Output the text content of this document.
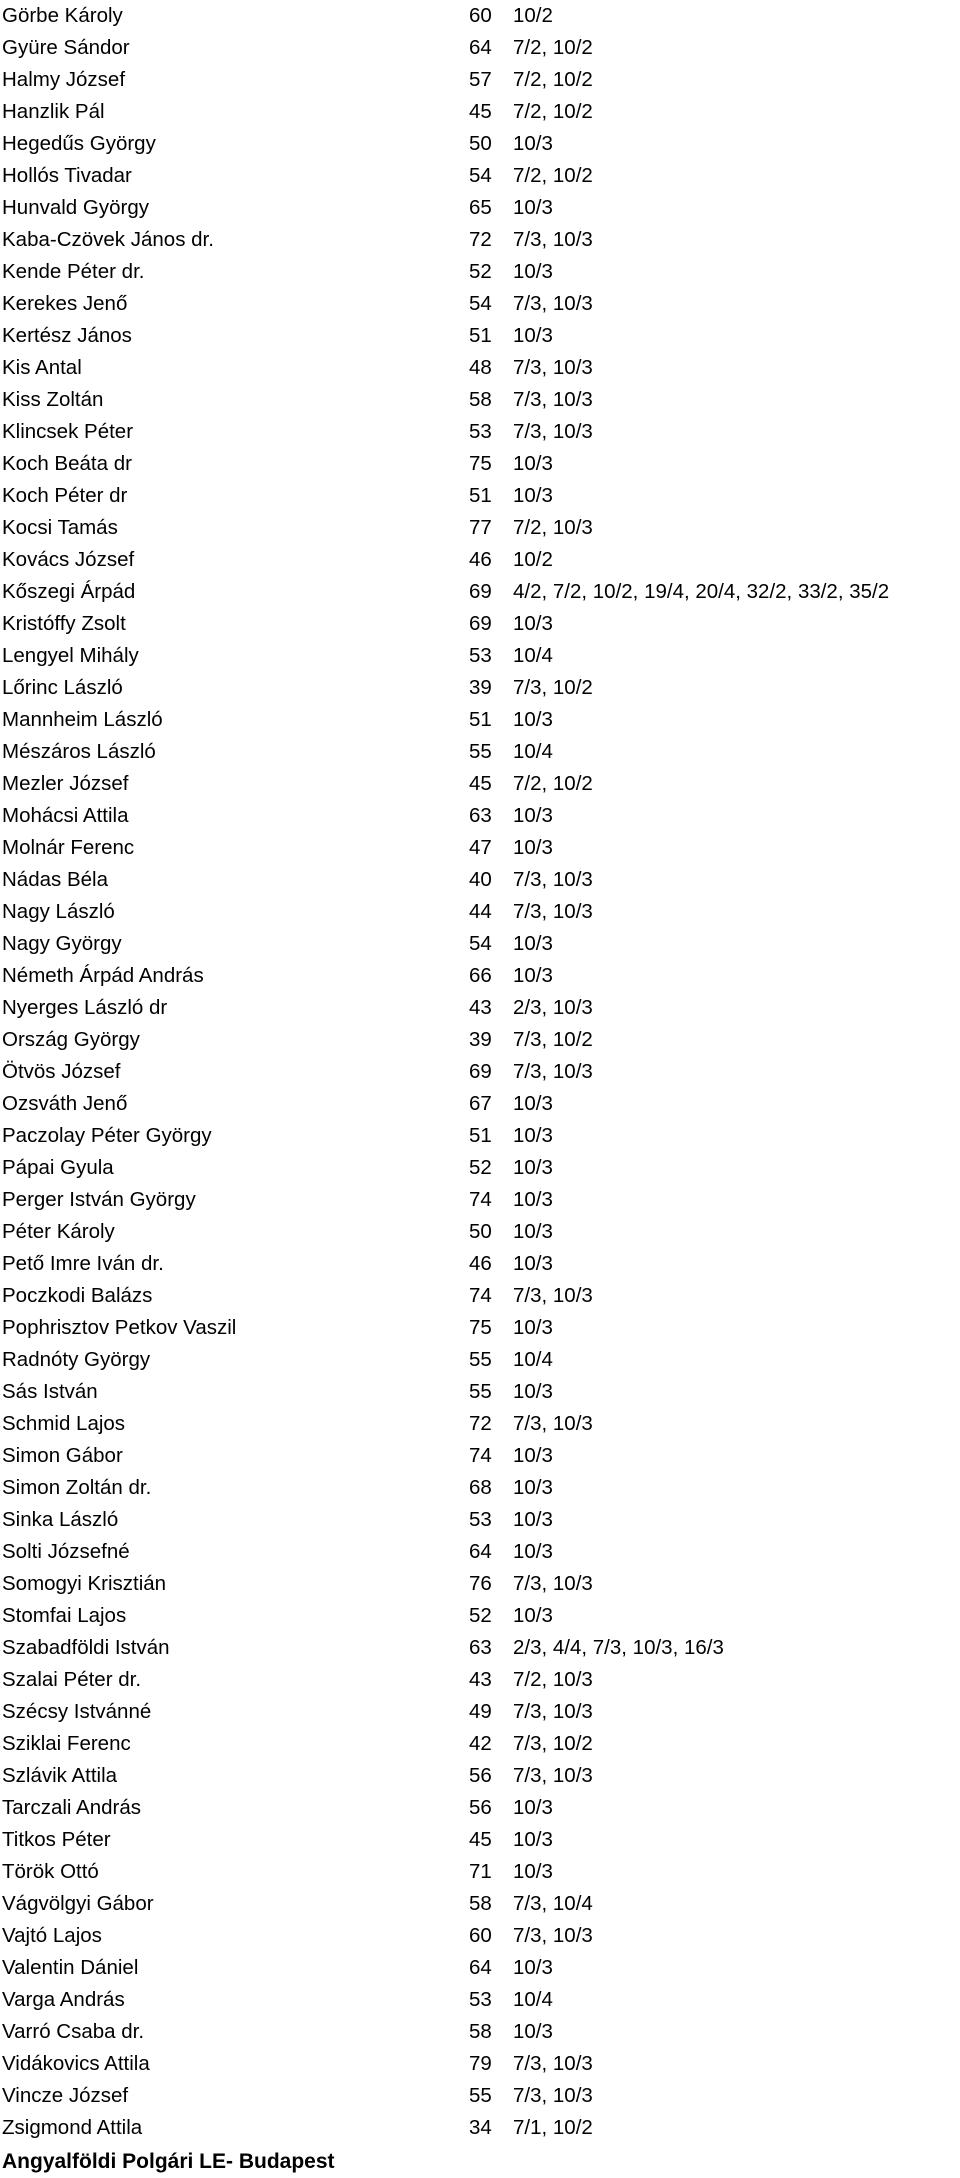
Görbe Károly	60 10/2
Gyüre Sándor	64 7/2, 10/2
Halmy József	57 7/2, 10/2
Hanzlik Pál	45 7/2, 10/2
Hegedűs György	50 10/3
Hollós Tivadar	54 7/2, 10/2
Hunvald György	65 10/3
Kaba-Czövek János dr.	72 7/3, 10/3
Kende Péter dr.	52 10/3
Kerekes Jenő	54 7/3, 10/3
Kertész János	51 10/3
Kis Antal	48 7/3, 10/3
Kiss Zoltán	58 7/3, 10/3
Klincsek Péter	53 7/3, 10/3
Koch Beáta dr	75 10/3
Koch Péter dr	51 10/3
Kocsi Tamás	77 7/2, 10/3
Kovács József	46 10/2
Kőszegi Árpád	69 4/2, 7/2, 10/2, 19/4, 20/4, 32/2, 33/2, 35/2
Kristóffy Zsolt	69 10/3
Lengyel Mihály	53 10/4
Lőrinc László	39 7/3, 10/2
Mannheim László	51 10/3
Mészáros László	55 10/4
Mezler József	45 7/2, 10/2
Mohácsi Attila	63 10/3
Molnár Ferenc	47 10/3
Nádas Béla	40 7/3, 10/3
Nagy László	44 7/3, 10/3
Nagy György	54 10/3
Németh Árpád András	66 10/3
Nyerges László dr	43 2/3, 10/3
Ország György	39 7/3, 10/2
Ötvös József	69 7/3, 10/3
Ozsváth Jenő	67 10/3
Paczolay Péter György	51 10/3
Pápai Gyula	52 10/3
Perger István György	74 10/3
Péter Károly	50 10/3
Pető Imre Iván dr.	46 10/3
Poczkodi Balázs	74 7/3, 10/3
Pophrisztov Petkov Vaszil	75 10/3
Radnóty György	55 10/4
Sás István	55 10/3
Schmid Lajos	72 7/3, 10/3
Simon Gábor	74 10/3
Simon Zoltán dr.	68 10/3
Sinka László	53 10/3
Solti Józsefné	64 10/3
Somogyi Krisztián	76 7/3, 10/3
Stomfai Lajos	52 10/3
Szabadföldi István	63 2/3, 4/4, 7/3, 10/3, 16/3
Szalai Péter dr.	43 7/2, 10/3
Szécsy Istvánné	49 7/3, 10/3
Sziklai Ferenc	42 7/3, 10/2
Szlávik Attila	56 7/3, 10/3
Tarczali András	56 10/3
Titkos Péter	45 10/3
Török Ottó	71 10/3
Vágvölgyi Gábor	58 7/3, 10/4
Vajtó Lajos	60 7/3, 10/3
Valentin Dániel	64 10/3
Varga András	53 10/4
Varró Csaba dr.	58 10/3
Vidákovics Attila	79 7/3, 10/3
Vincze József	55 7/3, 10/3
Zsigmond Attila	34 7/1, 10/2
Angyalföldi Polgári LE- Budapest
